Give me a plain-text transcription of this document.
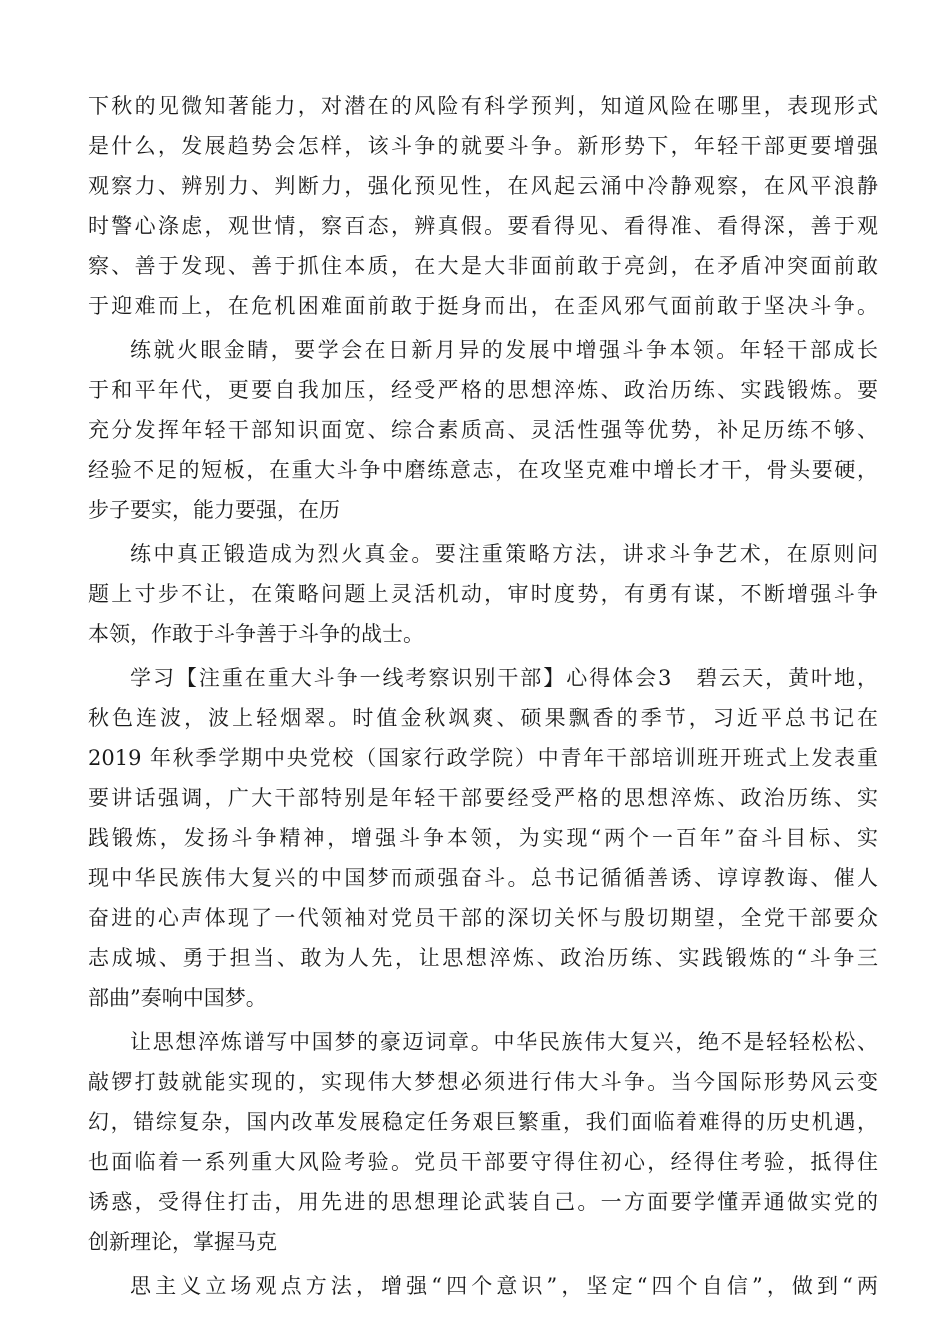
下秋的见微知著能力，对潜在的风险有科学预判，知道风险在哪里，表现形式
是什么，发展趋势会怎样，该斗争的就要斗争。新形势下，年轻干部更要增强
观察力、辨别力、判断力，强化预见性，在风起云涌中冷静观察，在风平浪静
时警心涤虑，观世情，察百态，辨真假。要看得见、看得准、看得深，善于观
察、善于发现、善于抓住本质，在大是大非面前敢于亮剑，在矛盾冲突面前敢
于迎难而上，在危机困难面前敢于挺身而出，在歪风邪气面前敢于坚决斗争。
练就火眼金睛，要学会在日新月异的发展中增强斗争本领。年轻干部成长
于和平年代，更要自我加压，经受严格的思想淬炼、政治历练、实践锻炼。要
充分发挥年轻干部知识面宽、综合素质高、灵活性强等优势，补足历练不够、
经验不足的短板，在重大斗争中磨练意志，在攻坚克难中增长才干，骨头要硬，
步子要实，能力要强，在历
练中真正锻造成为烈火真金。要注重策略方法，讲求斗争艺术，在原则问
题上寸步不让，在策略问题上灵活机动，审时度势，有勇有谋，不断增强斗争
本领，作敢于斗争善于斗争的战士。
学习【注重在重大斗争一线考察识别干部】心得体会3　碧云天，黄叶地，
秋色连波，波上轻烟翠。时值金秋飒爽、硕果飘香的季节，习近平总书记在
2019 年秋季学期中央党校（国家行政学院）中青年干部培训班开班式上发表重
要讲话强调，广大干部特别是年轻干部要经受严格的思想淬炼、政治历练、实
践锻炼，发扬斗争精神，增强斗争本领，为实现“两个一百年”奋斗目标、实
现中华民族伟大复兴的中国梦而顽强奋斗。总书记循循善诱、谆谆教诲、催人
奋进的心声体现了一代领袖对党员干部的深切关怀与殷切期望，全党干部要众
志成城、勇于担当、敢为人先，让思想淬炼、政治历练、实践锻炼的“斗争三
部曲”奏响中国梦。
让思想淬炼谱写中国梦的豪迈词章。中华民族伟大复兴，绝不是轻轻松松、
敲锣打鼓就能实现的，实现伟大梦想必须进行伟大斗争。当今国际形势风云变
幻，错综复杂，国内改革发展稳定任务艰巨繁重，我们面临着难得的历史机遇，
也面临着一系列重大风险考验。党员干部要守得住初心，经得住考验，抵得住
诱惑，受得住打击，用先进的思想理论武装自己。一方面要学懂弄通做实党的
创新理论，掌握马克
思主义立场观点方法，增强“四个意识”，坚定“四个自信”，做到“两
